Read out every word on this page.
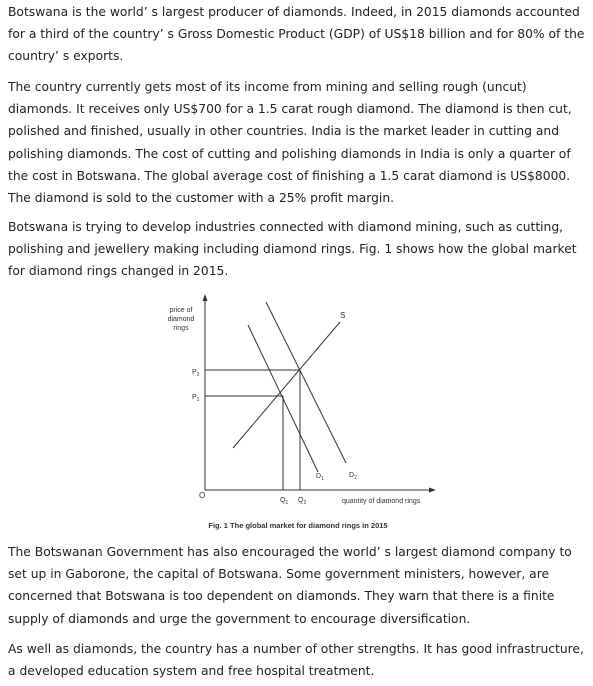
Botswana is the world’ s largest producer of diamonds. Indeed, in 2015 diamonds accounted for a third of the country’ s Gross Domestic Product (GDP) of US$18 billion and for 80% of the country’ s exports.

The country currently gets most of its income from mining and selling rough (uncut) diamonds. It receives only US$700 for a 1.5 carat rough diamond. The diamond is then cut, polished and finished, usually in other countries. India is the market leader in cutting and polishing diamonds. The cost of cutting and polishing diamonds in India is only a quarter of the cost in Botswana. The global average cost of finishing a 1.5 carat diamond is US$8000. The diamond is sold to the customer with a 25% profit margin.

Botswana is trying to develop industries connected with diamond mining, such as cutting, polishing and jewellery making including diamond rings. Fig. 1 shows how the global market for diamond rings changed in 2015.

price of
diamond
rings
S
$D_1$	$D_2$
$P_2$
$P_1$
O
$Q_1$ $Q_2$	quantity of diamond rings
Fig. 1 The global market for diamond rings in 2015

The Botswanan Government has also encouraged the world’ s largest diamond company to set up in Gaborone, the capital of Botswana. Some government ministers, however, are concerned that Botswana is too dependent on diamonds. They warn that there is a finite supply of diamonds and urge the government to encourage diversification.

As well as diamonds, the country has a number of other strengths. It has good infrastructure, a developed education system and free hospital treatment.
